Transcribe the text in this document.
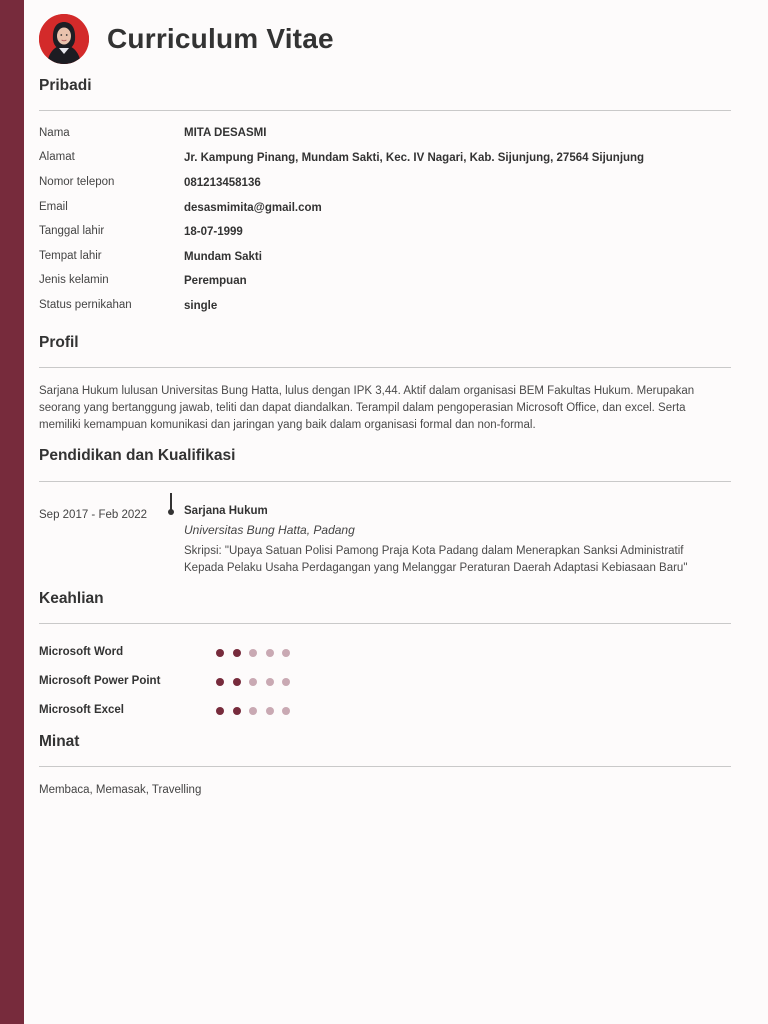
Curriculum Vitae
Pribadi
Nama	MITA DESASMI
Alamat	Jr. Kampung Pinang, Mundam Sakti, Kec. IV Nagari, Kab. Sijunjung, 27564 Sijunjung
Nomor telepon	081213458136
Email	desasmimita@gmail.com
Tanggal lahir	18-07-1999
Tempat lahir	Mundam Sakti
Jenis kelamin	Perempuan
Status pernikahan	single
Profil
Sarjana Hukum lulusan Universitas Bung Hatta, lulus dengan IPK 3,44. Aktif dalam organisasi BEM Fakultas Hukum. Merupakan seorang yang bertanggung jawab, teliti dan dapat diandalkan. Terampil dalam pengoperasian Microsoft Office, dan excel. Serta memiliki kemampuan komunikasi dan jaringan yang baik dalam organisasi formal dan non-formal.
Pendidikan dan Kualifikasi
Sep 2017 - Feb 2022	Sarjana Hukum
Universitas Bung Hatta, Padang
Skripsi: "Upaya Satuan Polisi Pamong Praja Kota Padang dalam Menerapkan Sanksi Administratif Kepada Pelaku Usaha Perdagangan yang Melanggar Peraturan Daerah Adaptasi Kebiasaan Baru"
Keahlian
Microsoft Word
Microsoft Power Point
Microsoft Excel
Minat
Membaca, Memasak, Travelling
